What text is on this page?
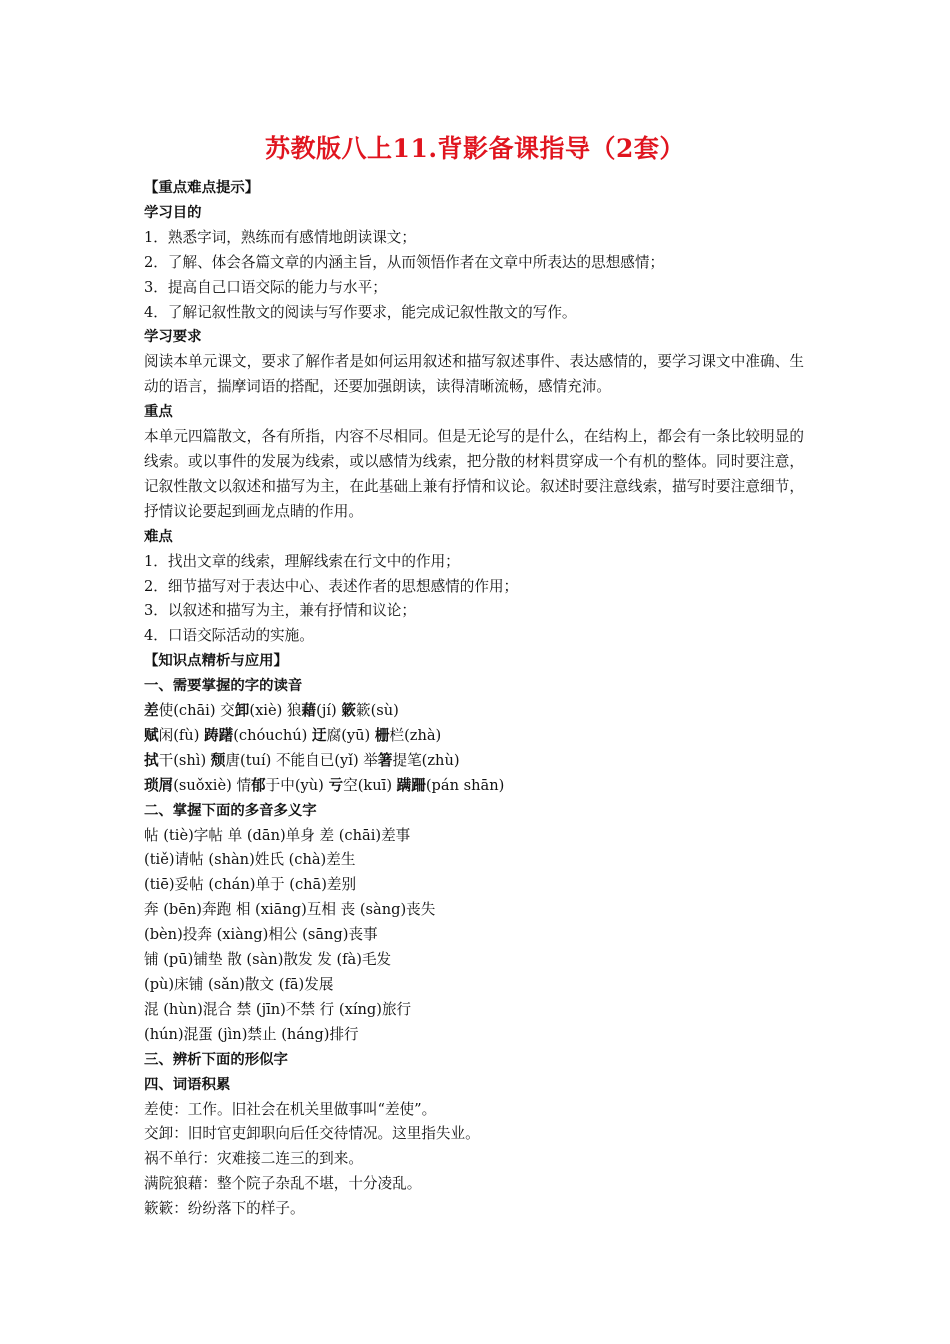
苏教版八上11.背影备课指导（2套）

【重点难点提示】

学习目的

1．熟悉字词，熟练而有感情地朗读课文；

2．了解、体会各篇文章的内涵主旨，从而领悟作者在文章中所表达的思想感情；

3．提高自己口语交际的能力与水平；

4．了解记叙性散文的阅读与写作要求，能完成记叙性散文的写作。

学习要求

阅读本单元课文，要求了解作者是如何运用叙述和描写叙述事件、表达感情的，要学习课文中准确、生动的语言，揣摩词语的搭配，还要加强朗读，读得清晰流畅，感情充沛。

重点

本单元四篇散文，各有所指，内容不尽相同。但是无论写的是什么，在结构上，都会有一条比较明显的线索。或以事件的发展为线索，或以感情为线索，把分散的材料贯穿成一个有机的整体。同时要注意，记叙性散文以叙述和描写为主，在此基础上兼有抒情和议论。叙述时要注意线索，描写时要注意细节，抒情议论要起到画龙点睛的作用。

难点

1．找出文章的线索，理解线索在行文中的作用；

2．细节描写对于表达中心、表述作者的思想感情的作用；

3．以叙述和描写为主，兼有抒情和议论；

4．口语交际活动的实施。

【知识点精析与应用】

一、需要掌握的字的读音

差使(chāi) 交卸(xiè) 狼藉(jí) 簌簌(sù)

赋闲(fù) 踌躇(chóuchú) 迂腐(yū) 栅栏(zhà)

拭干(shì) 颓唐(tuí) 不能自已(yǐ) 举箸提笔(zhù)

琐屑(suǒxiè) 情郁于中(yù) 亏空(kuī) 蹒跚(pán shān)

二、掌握下面的多音多义字

帖 (tiè)字帖 单 (dān)单身 差 (chāi)差事

(tiě)请帖 (shàn)姓氏 (chà)差生

(tiē)妥帖 (chán)单于 (chā)差别

奔 (bēn)奔跑 相 (xiāng)互相 丧 (sàng)丧失

(bèn)投奔 (xiàng)相公 (sāng)丧事

铺 (pū)铺垫 散 (sàn)散发 发 (fà)毛发

(pù)床铺 (sǎn)散文 (fā)发展

混 (hùn)混合 禁 (jīn)不禁 行 (xíng)旅行

(hún)混蛋 (jìn)禁止 (háng)排行

三、辨析下面的形似字

四、词语积累

差使：工作。旧社会在机关里做事叫“差使”。

交卸：旧时官吏卸职向后任交待情况。这里指失业。

祸不单行：灾难接二连三的到来。

满院狼藉：整个院子杂乱不堪，十分凌乱。

簌簌：纷纷落下的样子。
